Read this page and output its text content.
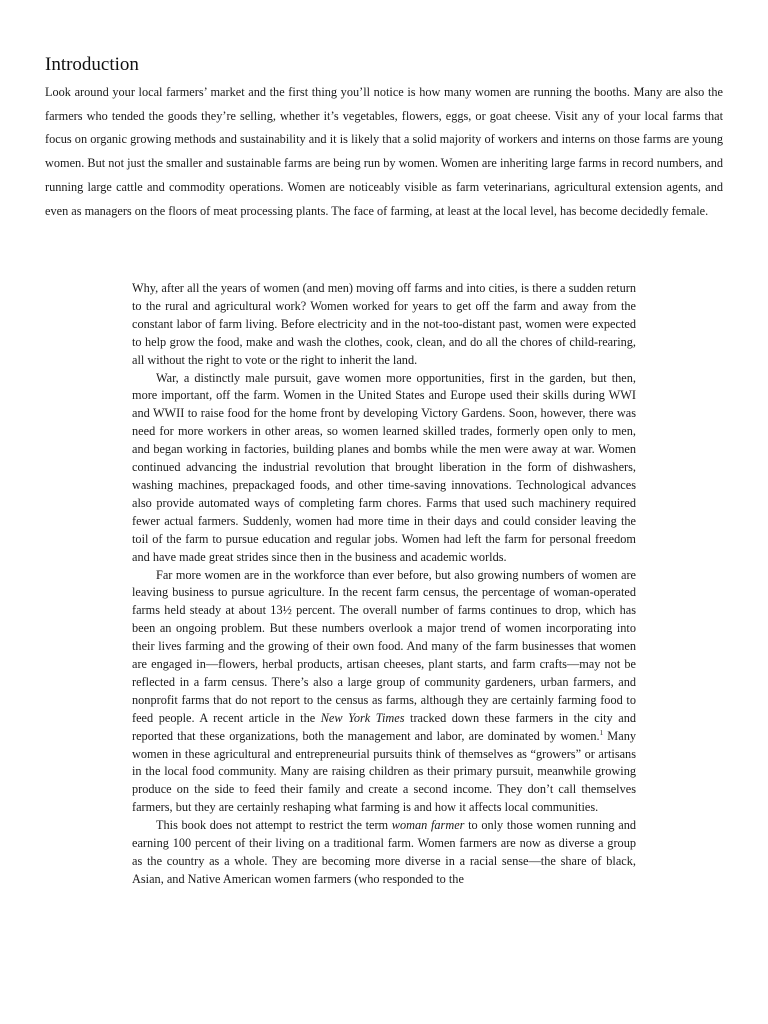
Introduction

Look around your local farmers’ market and the first thing you’ll notice is how many women are running the booths. Many are also the farmers who tended the goods they’re selling, whether it’s vegetables, flowers, eggs, or goat cheese. Visit any of your local farms that focus on organic growing methods and sustainability and it is likely that a solid majority of workers and interns on those farms are young women. But not just the smaller and sustainable farms are being run by women. Women are inheriting large farms in record numbers, and running large cattle and commodity operations. Women are noticeably visible as farm veterinarians, agricultural extension agents, and even as managers on the floors of meat processing plants. The face of farming, at least at the local level, has become decidedly female.

Why, after all the years of women (and men) moving off farms and into cities, is there a sudden return to the rural and agricultural work? Women worked for years to get off the farm and away from the constant labor of farm living. Before electricity and in the not-too-distant past, women were expected to help grow the food, make and wash the clothes, cook, clean, and do all the chores of child-rearing, all without the right to vote or the right to inherit the land.

War, a distinctly male pursuit, gave women more opportunities, first in the garden, but then, more important, off the farm. Women in the United States and Europe used their skills during WWI and WWII to raise food for the home front by developing Victory Gardens. Soon, however, there was need for more workers in other areas, so women learned skilled trades, formerly open only to men, and began working in factories, building planes and bombs while the men were away at war. Women continued advancing the industrial revolution that brought liberation in the form of dishwashers, washing machines, prepackaged foods, and other time-saving innovations. Technological advances also provide automated ways of completing farm chores. Farms that used such machinery required fewer actual farmers. Suddenly, women had more time in their days and could consider leaving the toil of the farm to pursue education and regular jobs. Women had left the farm for personal freedom and have made great strides since then in the business and academic worlds.

Far more women are in the workforce than ever before, but also growing numbers of women are leaving business to pursue agriculture. In the recent farm census, the percentage of woman-operated farms held steady at about 13½ percent. The overall number of farms continues to drop, which has been an ongoing problem. But these numbers overlook a major trend of women incorporating into their lives farming and the growing of their own food. And many of the farm businesses that women are engaged in—flowers, herbal products, artisan cheeses, plant starts, and farm crafts—may not be reflected in a farm census. There’s also a large group of community gardeners, urban farmers, and nonprofit farms that do not report to the census as farms, although they are certainly farming food to feed people. A recent article in the New York Times tracked down these farmers in the city and reported that these organizations, both the management and labor, are dominated by women.$^1$ Many women in these agricultural and entrepreneurial pursuits think of themselves as “growers” or artisans in the local food community. Many are raising children as their primary pursuit, meanwhile growing produce on the side to feed their family and create a second income. They don’t call themselves farmers, but they are certainly reshaping what farming is and how it affects local communities.

This book does not attempt to restrict the term woman farmer to only those women running and earning 100 percent of their living on a traditional farm. Women farmers are now as diverse a group as the country as a whole. They are becoming more diverse in a racial sense—the share of black, Asian, and Native American women farmers (who responded to the
